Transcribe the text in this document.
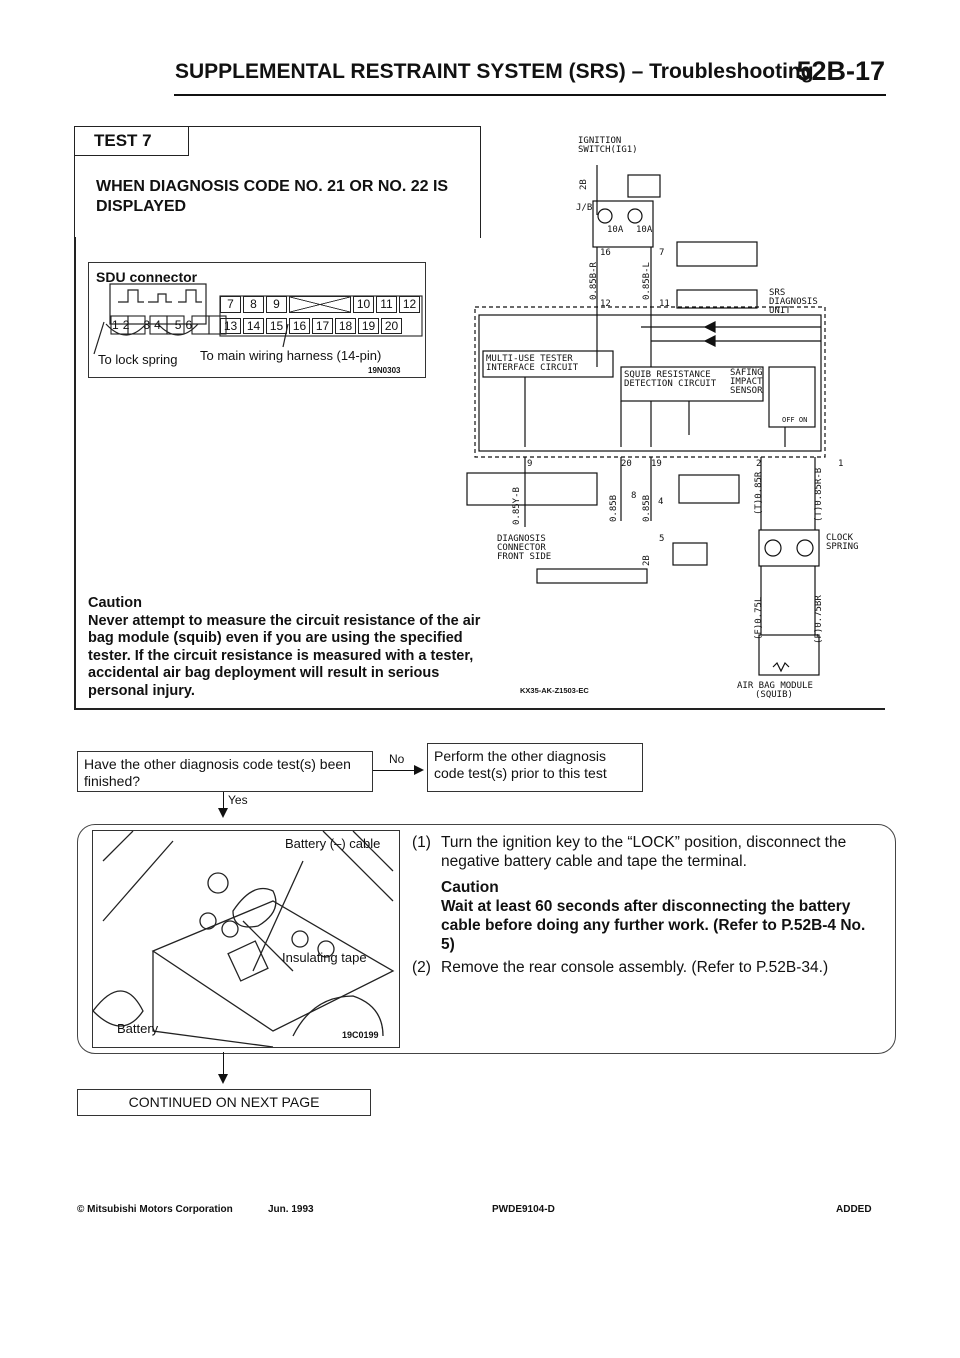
SUPPLEMENTAL RESTRAINT SYSTEM (SRS) – Troubleshooting
52B-17
TEST 7
WHEN DIAGNOSIS CODE NO. 21 OR NO. 22 IS DISPLAYED
SDU connector
7	8	9	10 11 12
13 14 15 16 17 18 19 20
1 2 3 4 5 6
To lock spring To main wiring harness (14-pin)
19N0303
IGNITION
SWITCH(IG1)
J/B
10A 10A
16	7
12	11
SRS
DIAGNOSIS
UNIT
MULTI-USE TESTER
INTERFACE CIRCUIT
SQUIB RESISTANCE
DETECTION CIRCUIT
SAFING
IMPACT
SENSOR
OFF ON
9	20 19	2	1
8
4
DIAGNOSIS
CONNECTOR
FRONT SIDE
5	CLOCK
SPRING
AIR BAG MODULE
(SQUIB)
KX35-AK-Z1503-EC
2B
0.85B-R	0.85B-L
0.85Y-B	0.85B	0.85B	(T)0.85R	(T)0.85R-B
2B
(F)0.75L	(F)0.75BR
Caution
Never attempt to measure the circuit resistance of the air bag module (squib) even if you are using the specified tester. If the circuit resistance is measured with a tester, accidental air bag deployment will result in serious personal injury.
Have the other diagnosis code test(s) been finished?
No	Perform the other diagnosis code test(s) prior to this test
Yes
Battery (–) cable
Insulating tape
Battery	19C0199
(1) Turn the ignition key to the “LOCK” position, disconnect the negative battery cable and tape the terminal.
Caution
Wait at least 60 seconds after disconnecting the battery cable before doing any further work. (Refer to P.52B-4 No. 5)
(2) Remove the rear console assembly. (Refer to P.52B-34.)
CONTINUED ON NEXT PAGE
© Mitsubishi Motors Corporation	Jun. 1993	PWDE9104-D	ADDED
